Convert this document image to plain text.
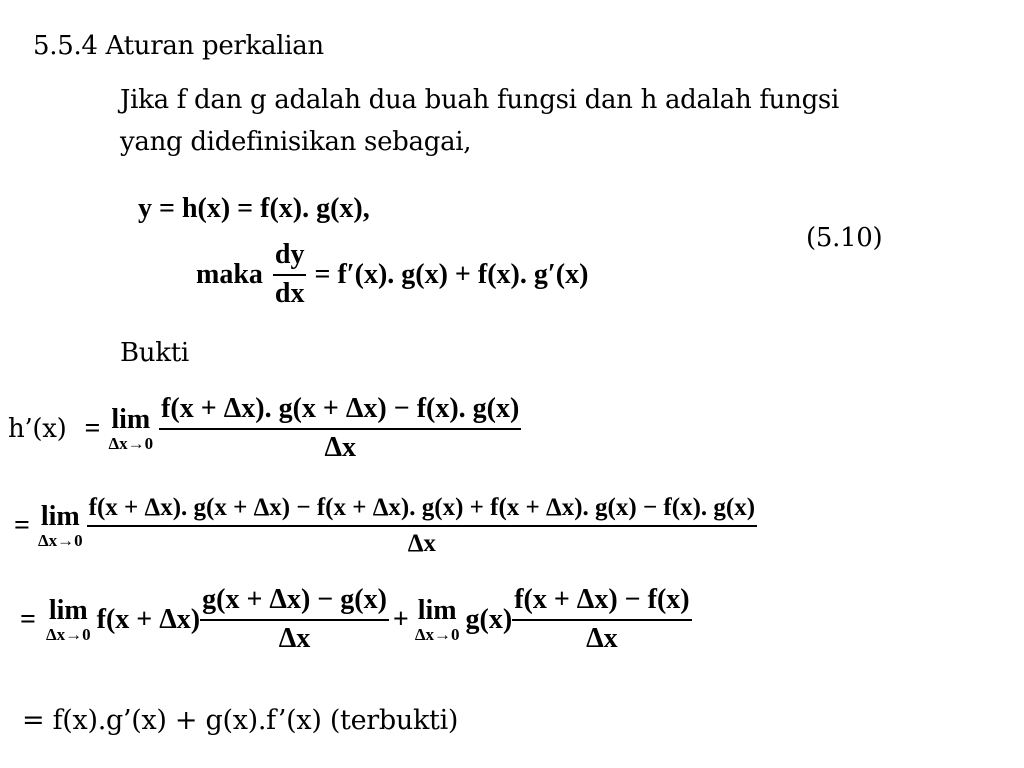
5.5.4 Aturan perkalian
Jika f dan g adalah dua buah fungsi dan h adalah fungsi
yang didefinisikan sebagai,
y = h(x) = f(x). g(x),
maka $\frac{dy}{dx} = f'(x)$. g(x) + f(x). g′(x)
(5.10)
Bukti
h’(x) = lim
$\Delta x\to 0 \frac{f(x + \Delta x). g(x + \Delta x) - f(x). g(x)}{\Delta x}$
= lim
Δx→0
f(x + Δx). g(x + Δx) − f(x + Δx). g(x) + f(x + Δx). g(x) − f(x). g(x)
Δx
= lim
Δx→0 $f(x + \Delta x) \frac{g(x + \Delta x) - g(x)}{\Delta x} + \lim$
Δx→0 $g(x) \frac{f(x + \Delta x) - f(x)}{\Delta x}$
= f(x).g’(x) + g(x).f’(x) (terbukti)
